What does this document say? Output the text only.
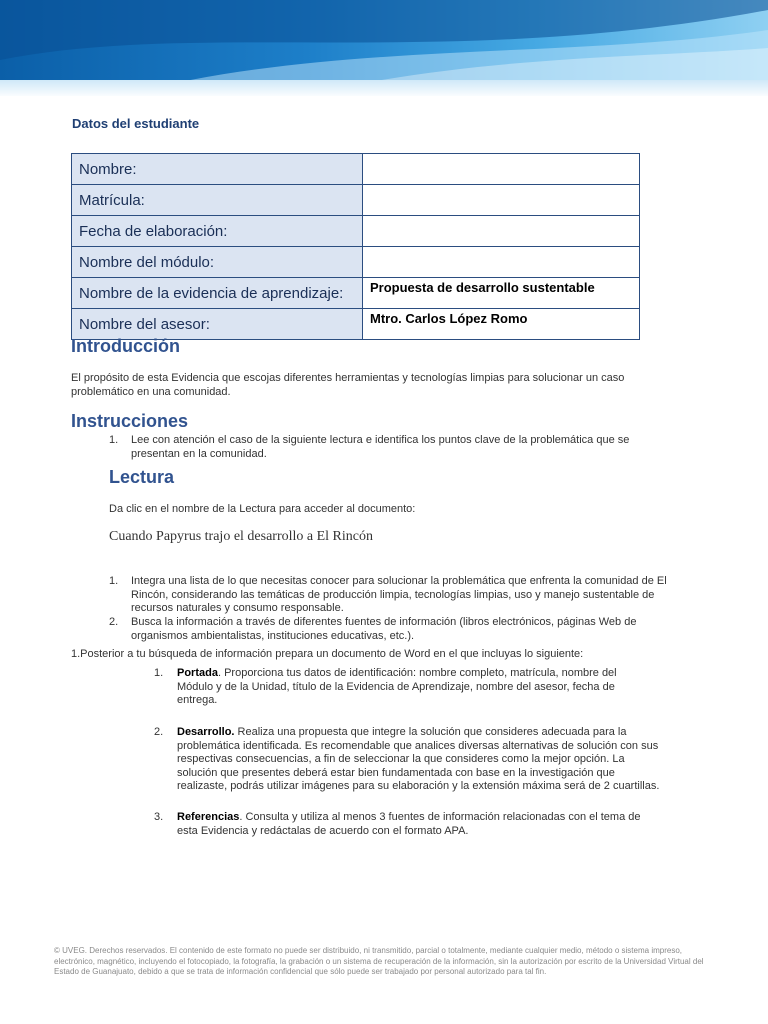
Datos del estudiante
Nombre:	
Matrícula:	
Fecha de elaboración:	
Nombre del módulo:	
Nombre de la evidencia de aprendizaje:	Propuesta de desarrollo sustentable
Nombre del asesor:	Mtro. Carlos López Romo
Introducción

El propósito de esta Evidencia que escojas diferentes herramientas y tecnologías limpias para solucionar un caso problemático en una comunidad.

Instrucciones
1. Lee con atención el caso de la siguiente lectura e identifica los puntos clave de la problemática que se presentan en la comunidad.

Lectura

Da clic en el nombre de la Lectura para acceder al documento:

Cuando Papyrus trajo el desarrollo a El Rincón
1. Integra una lista de lo que necesitas conocer para solucionar la problemática que enfrenta la comunidad de El Rincón, considerando las temáticas de producción limpia, tecnologías limpias, uso y manejo sustentable de recursos naturales y consumo responsable.

2. Busca la información a través de diferentes fuentes de información (libros electrónicos, páginas Web de organismos ambientalistas, instituciones educativas, etc.).

1.Posterior a tu búsqueda de información prepara un documento de Word en el que incluyas lo siguiente:

1. Portada. Proporciona tus datos de identificación: nombre completo, matrícula, nombre del Módulo y de la Unidad, título de la Evidencia de Aprendizaje, nombre del asesor, fecha de entrega.

2. Desarrollo. Realiza una propuesta que integre la solución que consideres adecuada para la problemática identificada. Es recomendable que analices diversas alternativas de solución con sus respectivas consecuencias, a fin de seleccionar la que consideres como la mejor opción. La solución que presentes deberá estar bien fundamentada con base en la investigación que realizaste, podrás utilizar imágenes para su elaboración y la extensión máxima será de 2 cuartillas.

3. Referencias. Consulta y utiliza al menos 3 fuentes de información relacionadas con el tema de esta Evidencia y redáctalas de acuerdo con el formato APA.

© UVEG. Derechos reservados. El contenido de este formato no puede ser distribuido, ni transmitido, parcial o totalmente, mediante cualquier medio, método o sistema impreso, electrónico, magnético, incluyendo el fotocopiado, la fotografía, la grabación o un sistema de recuperación de la información, sin la autorización por escrito de la Universidad Virtual del Estado de Guanajuato, debido a que se trata de información confidencial que sólo puede ser trabajado por personal autorizado para tal fin.
